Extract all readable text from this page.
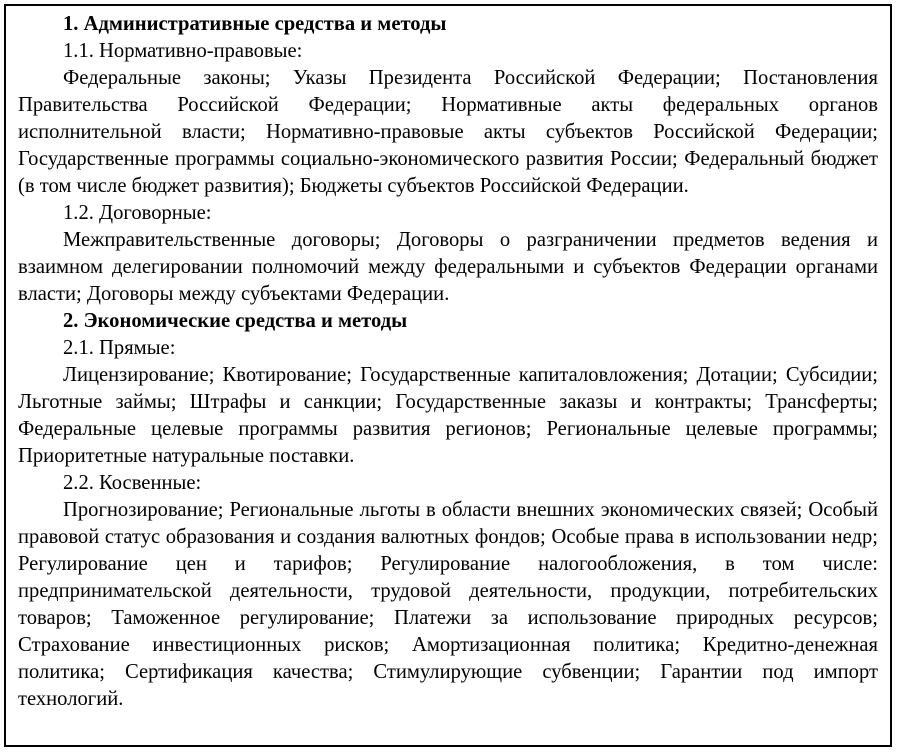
1. Административные средства и методы
1.1. Нормативно-правовые:

Федеральные законы; Указы Президента Российской Федерации; Постановления Правительства Российской Федерации; Нормативные акты федеральных органов исполнительной власти; Нормативно-правовые акты субъектов Российской Федерации; Государственные программы социально-экономического развития России; Федеральный бюджет (в том числе бюджет развития); Бюджеты субъектов Российской Федерации.

1.2. Договорные:

Межправительственные договоры; Договоры о разграничении предметов ведения и взаимном делегировании полномочий между федеральными и субъектов Федерации органами власти; Договоры между субъектами Федерации.

2. Экономические средства и методы
2.1. Прямые:

Лицензирование; Квотирование; Государственные капиталовложения; Дотации; Субсидии; Льготные займы; Штрафы и санкции; Государственные заказы и контракты; Трансферты; Федеральные целевые программы развития регионов; Региональные целевые программы; Приоритетные натуральные поставки.

2.2. Косвенные:

Прогнозирование; Региональные льготы в области внешних экономических связей; Особый правовой статус образования и создания валютных фондов; Особые права в использовании недр; Регулирование цен и тарифов; Регулирование налогообложения, в том числе: предпринимательской деятельности, трудовой деятельности, продукции, потребительских товаров; Таможенное регулирование; Платежи за использование природных ресурсов; Страхование инвестиционных рисков; Амортизационная политика; Кредитно-денежная политика; Сертификация качества; Стимулирующие субвенции; Гарантии под импорт технологий.
